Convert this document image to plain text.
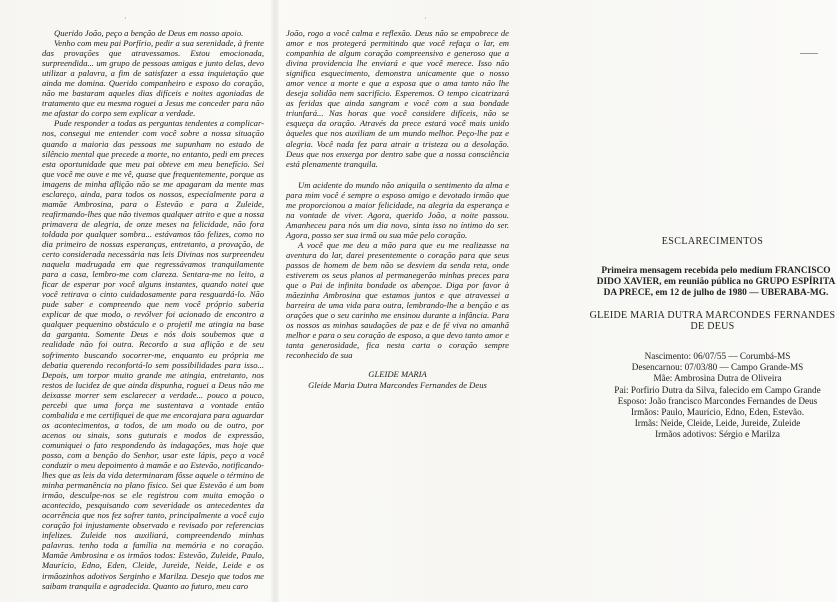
·	·

Querido João, peço a benção de Deus em nosso apoio.

Venho com meu pai Porfírio, pedir a sua serenidade, à frente das provações que atravessamos. Estou emocionada, surpreendida... um grupo de pessoas amigas e junto delas, devo utilizar a palavra, a fim de satisfazer a essa inquietação que ainda me domina. Querido companheiro e esposo do coração, não me bastaram aqueles dias difíceis e noites agoniadas de tratamento que eu mesma roguei a Jesus me conceder para não me afastar do corpo sem explicar a verdade.

Pude responder a todas as perguntas tendentes a complicar-nos, consegui me entender com você sobre a nossa situação quando a maioria das pessoas me supunham no estado de silêncio mental que precede a morte, no entanto, pedi em preces esta oportunidade que meu pai obteve em meu benefício. Sei que você me ouve e me vê, quase que frequentemente, porque as imagens de minha aflição não se me apagaram da mente mas esclareço, ainda, para todos os nossos, especialmente para a mamãe Ambrosina, para o Estevão e para a Zuleide, reafirmando-lhes que não tivemos qualquer atrito e que a nossa primavera de alegria, de onze meses na felicidade, não fora toldada por qualquer sombra... estávamos tão felizes, como no dia primeiro de nossas esperanças, entretanto, a provação, de certo considerada necessária nas leis Divinas nos surpreendeu naquela madrugada em que regressávamos tranquilamente para a casa, lembro-me com clareza. Sentara-me no leito, a ficar de esperar por você alguns instantes, quando notei que você retirava o cinto cuidadosamente para resguardá-lo. Não pude saber e compreendo que nem você próprio saberia explicar de que modo, o revólver foi acionado de encontro a qualquer pequenino obstáculo e o projetil me atingia na base da garganta. Somente Deus e nós dois soubemos que a realidade não foi outra. Recordo a sua aflição e de seu sofrimento buscando socorrer-me, enquanto eu própria me debatia querendo reconfortá-lo sem possibilidades para isso... Depois, um torpor muito grande me atingia, entretanto, nos restos de lucidez de que ainda dispunha, roguei a Deus não me deixasse morrer sem esclarecer a verdade... pouco a pouco, percebi que uma força me sustentava a vontade então combalida e me certifiquei de que me encorajara para aguardar os acontecimentos, a todos, de um modo ou de outro, por acenos ou sinais, sons guturais e modos de expressão, comuniquei o fato respondendo às indagações, mas hoje que posso, com a benção do Senhor, usar este lápis, peço a você conduzir o meu depoimento à mamãe e ao Estevão, notificando-lhes que as leis da vida determinaram fôsse aquele o término de minha permanência no plano físico. Sei que Estevão é um bom irmão, desculpe-nos se ele registrou com muita emoção o acontecido, pesquisando com severidade os antecedentes da ocorrência que nos fez sofrer tanto, principalmente a você cujo coração foi injustamente observado e revisado por referencias infelizes. Zuleide nos auxiliará, compreendendo minhas palavras. tenho toda a família na memória e no coração. Mamãe Ambrosina e os irmãos todos: Estevão, Zuleide, Paulo, Maurício, Edno, Eden, Cleide, Jureide, Neide, Leide e os irmãozinhos adotivos Serginho e Marilza. Desejo que todos me saibam tranquila e agradecida. Quanto ao futuro, meu caro

João, rogo a você calma e reflexão. Deus não se empobrece de amor e nos protegerá permitindo que você refaça o lar, em companhia de algum coração compreensivo e generoso que a divina providencia lhe enviará e que você merece. Isso não significa esquecimento, demonstra unicamente que o nosso amor vence a morte e que a esposa que o ama tanto não lhe deseja solidão nem sacrifício. Esperemos. O tempo cicatrizará as feridas que ainda sangram e você com a sua bondade triunfará... Nas horas que você considere difíceis, não se esqueça da oração. Através da prece estará você mais unido àqueles que nos auxiliam de um mundo melhor. Peço-lhe paz e alegria. Você nada fez para atrair a tristeza ou a desolação. Deus que nos enxerga por dentro sabe que a nossa consciência está plenamente tranquila.

Um acidente do mundo não aniquila o sentimento da alma e para mim você é sempre o esposo amigo e devotado irmão que me proporcionou a maior felicidade, na alegria da esperança e na vontade de viver. Agora, querido João, a noite passou. Amanheceu para nós um dia novo, sinta isso no íntimo do ser. Agora, posso ser sua irmã ou sua mãe pelo coração.

A você que me deu a mão para que eu me realizasse na aventura do lar, darei presentemente o coração para que seus passos de homem de bem não se desviem da senda reta, onde estiverem os seus planos al permanegerão minhas preces para que o Pai de infinita bondade os abençoe. Diga por favor à mãezinha Ambrosina que estamos juntos e que atravessei a barreira de uma vida para outra, lembrando-lhe a benção e as orações que o seu carinho me ensinou durante a infância. Para os nossos as minhas saudações de paz e de fé viva no amanhã melhor e para o seu coração de esposo, a que devo tanto amor e tanta generosidade, fica nesta carta o coração sempre reconhecido de sua

GLEIDE MARIA
Gleide Maria Dutra Marcondes Fernandes de Deus
ESCLARECIMENTOS
Primeira mensagem recebida pelo medium FRANCISCO DIDO XAVIER, em reunião pública no GRUPO ESPÍRITA DA PRECE, em 12 de julho de 1980 — UBERABA-MG.
GLEIDE MARIA DUTRA MARCONDES FERNANDES DE DEUS
Nascimento: 06/07/55 — Corumbá-MS
Desencarnou: 07/03/80 — Campo Grande-MS
Mãe: Ambrosina Dutra de Oliveira
Pai: Porfirio Dutra da Silva, falecido em Campo Grande
Esposo: João francisco Marcondes Fernandes de Deus
Irmãos: Paulo, Maurício, Edno, Eden, Estevão.
Irmãs: Neide, Cleide, Leide, Jureide, Zuleide
Irmãos adotivos: Sérgio e Marilza
